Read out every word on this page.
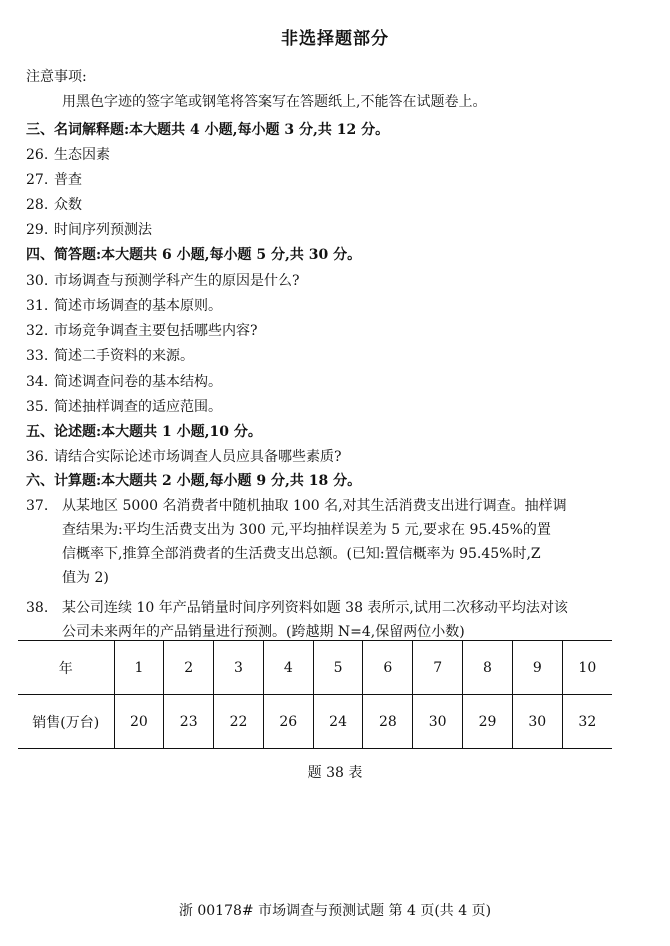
非选择题部分
注意事项:
用黑色字迹的签字笔或钢笔将答案写在答题纸上,不能答在试题卷上。
三、名词解释题:本大题共 4 小题,每小题 3 分,共 12 分。
26. 生态因素
27. 普查
28. 众数
29. 时间序列预测法
四、简答题:本大题共 6 小题,每小题 5 分,共 30 分。
30. 市场调查与预测学科产生的原因是什么?
31. 简述市场调查的基本原则。
32. 市场竞争调查主要包括哪些内容?
33. 简述二手资料的来源。
34. 简述调查问卷的基本结构。
35. 简述抽样调查的适应范围。
五、论述题:本大题共 1 小题,10 分。
36. 请结合实际论述市场调查人员应具备哪些素质?
六、计算题:本大题共 2 小题,每小题 9 分,共 18 分。
37. 从某地区 5000 名消费者中随机抽取 100 名,对其生活消费支出进行调查。抽样调
查结果为:平均生活费支出为 300 元,平均抽样误差为 5 元,要求在 95.45%的置
信概率下,推算全部消费者的生活费支出总额。(已知:置信概率为 95.45%时,Z
值为 2)
38. 某公司连续 10 年产品销量时间序列资料如题 38 表所示,试用二次移动平均法对该
公司未来两年的产品销量进行预测。(跨越期 N=4,保留两位小数)
年	1	2	3	4	5	6	7	8	9	10
销售(万台)	20	23	22	26	24	28	30	29	30	32
题 38 表
浙 00178# 市场调查与预测试题 第 4 页(共 4 页)
